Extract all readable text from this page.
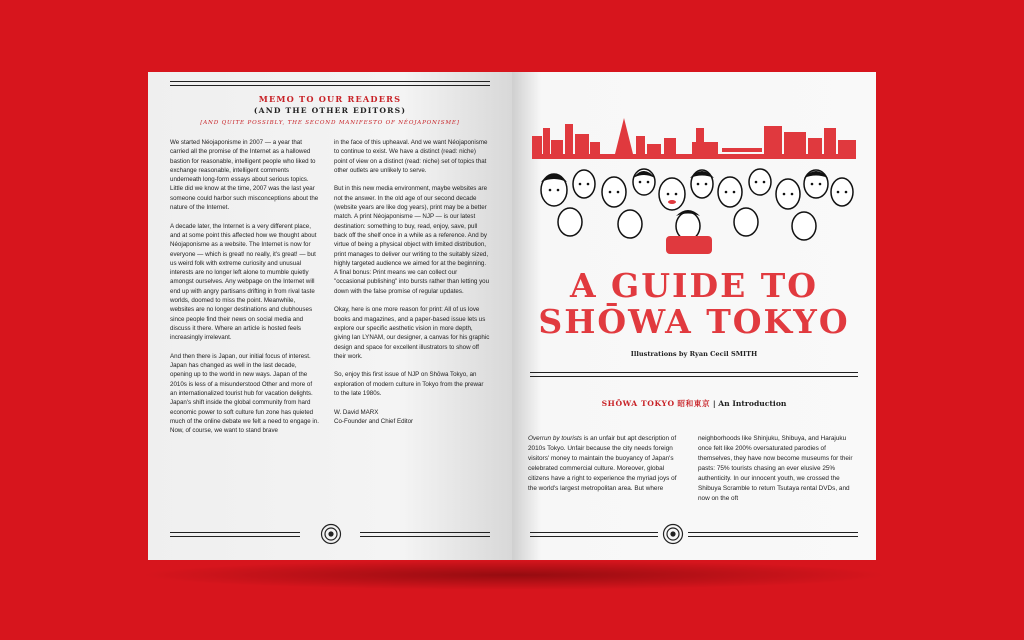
MEMO TO OUR READERS
(AND THE OTHER EDITORS)
[AND QUITE POSSIBLY, THE SECOND MANIFESTO OF NÉOJAPONISME]

We started Néojaponisme in 2007 — a year that carried all the promise of the Internet as a hallowed bastion for reasonable, intelligent people who liked to exchange reasonable, intelligent comments underneath long-form essays about serious topics. Little did we know at the time, 2007 was the last year someone could harbor such misconceptions about the nature of the Internet.

A decade later, the Internet is a very different place, and at some point this affected how we thought about Néojaponisme as a website. The Internet is now for everyone — which is great! no really, it's great! — but us weird folk with extreme curiosity and unusual interests are no longer left alone to mumble quietly amongst ourselves. Any webpage on the Internet will end up with angry partisans drifting in from rival taste worlds, doomed to miss the point. Meanwhile, websites are no longer destinations and clubhouses since people find their news on social media and discuss it there. Where an article is hosted feels increasingly irrelevant.

And then there is Japan, our initial focus of interest. Japan has changed as well in the last decade, opening up to the world in new ways. Japan of the 2010s is less of a misunderstood Other and more of an internationalized tourist hub for vacation delights. Japan's shift inside the global community from hard economic power to soft culture fun zone has quieted much of the online debate we felt a need to engage in. Now, of course, we want to stand brave

in the face of this upheaval. And we want Néojaponisme to continue to exist. We have a distinct (read: niche) point of view on a distinct (read: niche) set of topics that other outlets are unlikely to serve.

But in this new media environment, maybe websites are not the answer. In the old age of our second decade (website years are like dog years), print may be a better match. A print Néojaponisme — NJP — is our latest destination: something to buy, read, enjoy, save, pull back off the shelf once in a while as a reference. And by virtue of being a physical object with limited distribution, print manages to deliver our writing to the suitably sized, highly targeted audience we aimed for at the beginning. A final bonus: Print means we can collect our "occasional publishing" into bursts rather than letting you down with the false promise of regular updates.

Okay, here is one more reason for print: All of us love books and magazines, and a paper-based issue lets us explore our specific aesthetic vision in more depth, giving Ian LYNAM, our designer, a canvas for his graphic design and space for excellent illustrators to show off their work.

So, enjoy this first issue of NJP on Shōwa Tokyo, an exploration of modern culture in Tokyo from the prewar to the late 1980s.

W. David MARX

Co-Founder and Chief Editor

A GUIDE TO
SHŌWA TOKYO
Illustrations by Ryan Cecil SMITH
SHŌWA TOKYO 昭和東京 | An Introduction
Overrun by tourists is an unfair but apt description of 2010s Tokyo. Unfair because the city needs foreign visitors' money to maintain the buoyancy of Japan's celebrated commercial culture. Moreover, global citizens have a right to experience the myriad joys of the world's largest metropolitan area. But where
neighborhoods like Shinjuku, Shibuya, and Harajuku once felt like 200% oversaturated parodies of themselves, they have now become museums for their pasts: 75% tourists chasing an ever elusive 25% authenticity. In our innocent youth, we crossed the Shibuya Scramble to return Tsutaya rental DVDs, and now on the oft
